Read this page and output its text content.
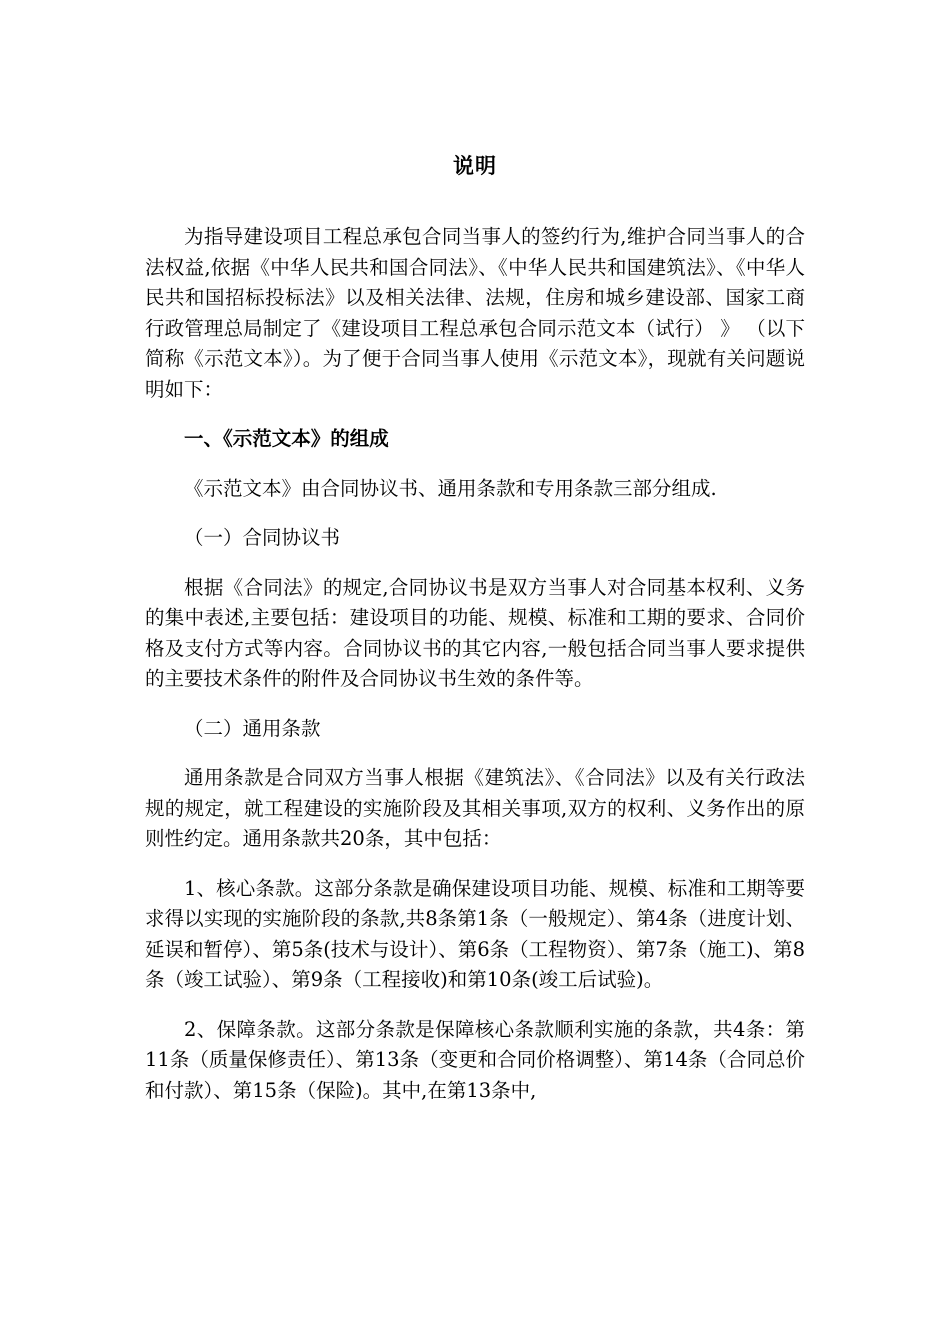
说明

为指导建设项目工程总承包合同当事人的签约行为,维护合同当事人的合法权益,依据《中华人民共和国合同法》、《中华人民共和国建筑法》、《中华人民共和国招标投标法》以及相关法律、法规，住房和城乡建设部、国家工商行政管理总局制定了《建设项目工程总承包合同示范文本（试行） 》 （以下简称《示范文本》）。为了便于合同当事人使用《示范文本》，现就有关问题说明如下：

一、《示范文本》的组成

《示范文本》由合同协议书、通用条款和专用条款三部分组成.

（一）合同协议书

根据《合同法》的规定,合同协议书是双方当事人对合同基本权利、义务的集中表述,主要包括：建设项目的功能、规模、标准和工期的要求、合同价格及支付方式等内容。合同协议书的其它内容,一般包括合同当事人要求提供的主要技术条件的附件及合同协议书生效的条件等。

（二）通用条款

通用条款是合同双方当事人根据《建筑法》、《合同法》以及有关行政法规的规定，就工程建设的实施阶段及其相关事项,双方的权利、义务作出的原则性约定。通用条款共20条，其中包括：

1、核心条款。这部分条款是确保建设项目功能、规模、标准和工期等要求得以实现的实施阶段的条款,共8条第1条（一般规定）、第4条（进度计划、延误和暂停）、第5条(技术与设计）、第6条（工程物资）、第7条（施工)、第8条（竣工试验）、第9条（工程接收)和第10条(竣工后试验)。

2、保障条款。这部分条款是保障核心条款顺利实施的条款，共4条：第11条（质量保修责任）、第13条（变更和合同价格调整）、第14条（合同总价和付款）、第15条（保险)。其中,在第13条中,
